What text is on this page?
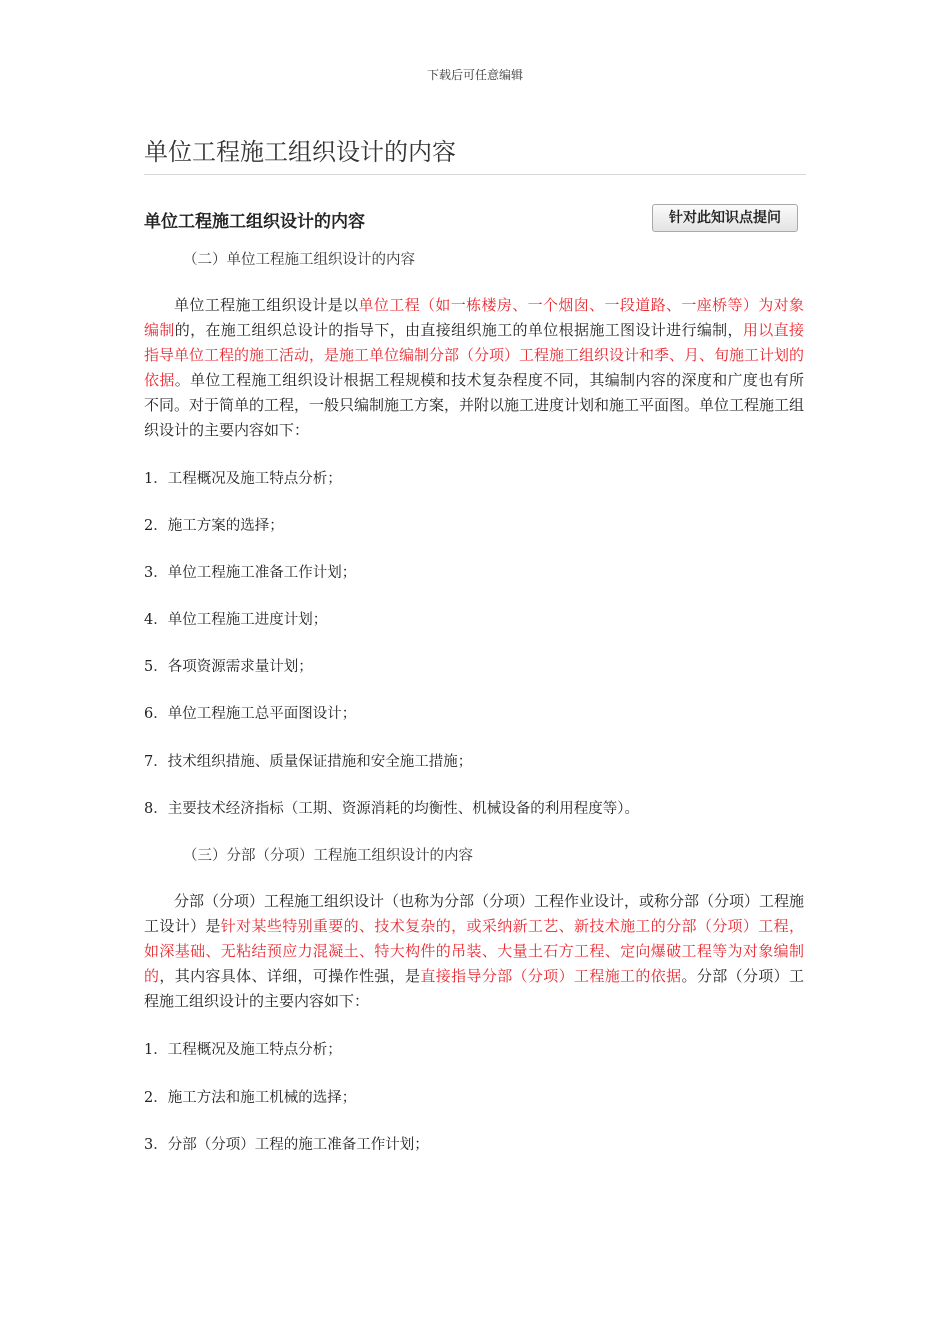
下载后可任意编辑
单位工程施工组织设计的内容
单位工程施工组织设计的内容	针对此知识点提问
（二）单位工程施工组织设计的内容

单位工程施工组织设计是以单位工程（如一栋楼房、一个烟囱、一段道路、一座桥等）为对象编制的，在施工组织总设计的指导下，由直接组织施工的单位根据施工图设计进行编制，用以直接指导单位工程的施工活动，是施工单位编制分部（分项）工程施工组织设计和季、月、旬施工计划的依据。单位工程施工组织设计根据工程规模和技术复杂程度不同，其编制内容的深度和广度也有所不同。对于简单的工程，一般只编制施工方案，并附以施工进度计划和施工平面图。单位工程施工组织设计的主要内容如下：

1．工程概况及施工特点分析；
2．施工方案的选择；
3．单位工程施工准备工作计划；
4．单位工程施工进度计划；
5．各项资源需求量计划；
6．单位工程施工总平面图设计；
7．技术组织措施、质量保证措施和安全施工措施；
8．主要技术经济指标（工期、资源消耗的均衡性、机械设备的利用程度等）。
（三）分部（分项）工程施工组织设计的内容

分部（分项）工程施工组织设计（也称为分部（分项）工程作业设计，或称分部（分项）工程施工设计）是针对某些特别重要的、技术复杂的，或采纳新工艺、新技术施工的分部（分项）工程，如深基础、无粘结预应力混凝土、特大构件的吊装、大量土石方工程、定向爆破工程等为对象编制的，其内容具体、详细，可操作性强，是直接指导分部（分项）工程施工的依据。分部（分项）工程施工组织设计的主要内容如下：

1．工程概况及施工特点分析；
2．施工方法和施工机械的选择；
3．分部（分项）工程的施工准备工作计划；
